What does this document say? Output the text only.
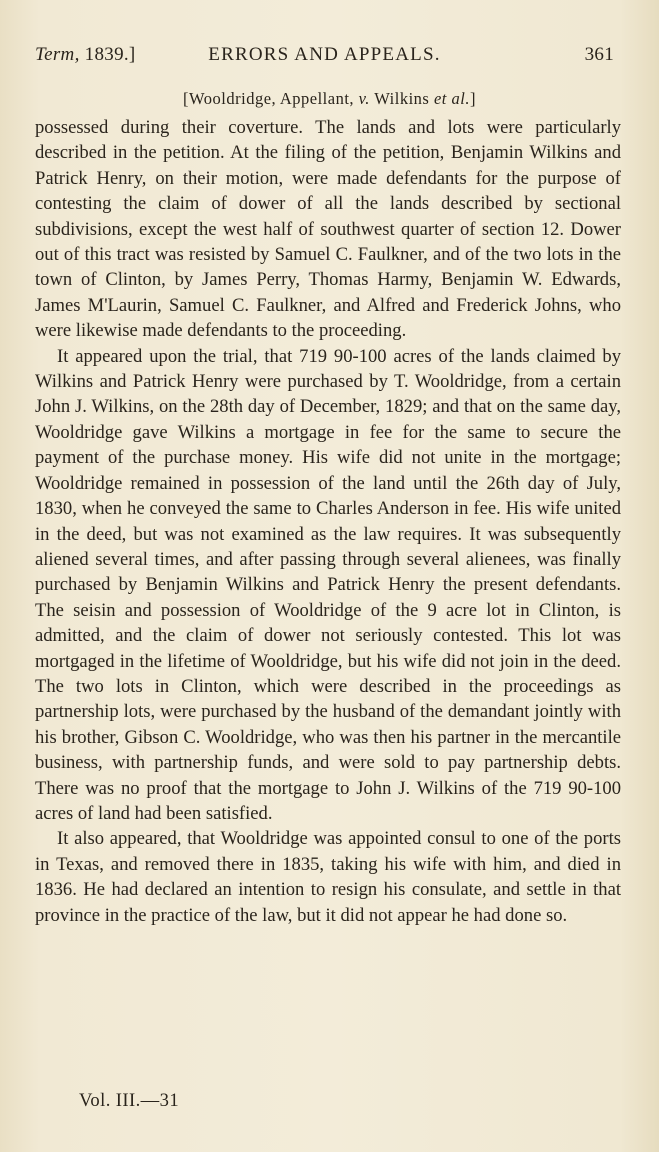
Term, 1839.]	ERRORS AND APPEALS.	361
[Wooldridge, Appellant, v. Wilkins et al.]

possessed during their coverture. The lands and lots were particularly described in the petition. At the filing of the petition, Benjamin Wilkins and Patrick Henry, on their motion, were made defendants for the purpose of contesting the claim of dower of all the lands described by sectional subdivisions, except the west half of southwest quarter of section 12. Dower out of this tract was resisted by Samuel C. Faulkner, and of the two lots in the town of Clinton, by James Perry, Thomas Harmy, Benjamin W. Edwards, James M'Laurin, Samuel C. Faulkner, and Alfred and Frederick Johns, who were likewise made defendants to the proceeding.

It appeared upon the trial, that 719 90-100 acres of the lands claimed by Wilkins and Patrick Henry were purchased by T. Wooldridge, from a certain John J. Wilkins, on the 28th day of December, 1829; and that on the same day, Wooldridge gave Wilkins a mortgage in fee for the same to secure the payment of the purchase money. His wife did not unite in the mortgage; Wooldridge remained in possession of the land until the 26th day of July, 1830, when he conveyed the same to Charles Anderson in fee. His wife united in the deed, but was not examined as the law requires. It was subsequently aliened several times, and after passing through several alienees, was finally purchased by Benjamin Wilkins and Patrick Henry the present defendants. The seisin and possession of Wooldridge of the 9 acre lot in Clinton, is admitted, and the claim of dower not seriously contested. This lot was mortgaged in the lifetime of Wooldridge, but his wife did not join in the deed. The two lots in Clinton, which were described in the proceedings as partnership lots, were purchased by the husband of the demandant jointly with his brother, Gibson C. Wooldridge, who was then his partner in the mercantile business, with partnership funds, and were sold to pay partnership debts. There was no proof that the mortgage to John J. Wilkins of the 719 90-100 acres of land had been satisfied.

It also appeared, that Wooldridge was appointed consul to one of the ports in Texas, and removed there in 1835, taking his wife with him, and died in 1836. He had declared an intention to resign his consulate, and settle in that province in the practice of the law, but it did not appear he had done so.

Vol. III.—31
